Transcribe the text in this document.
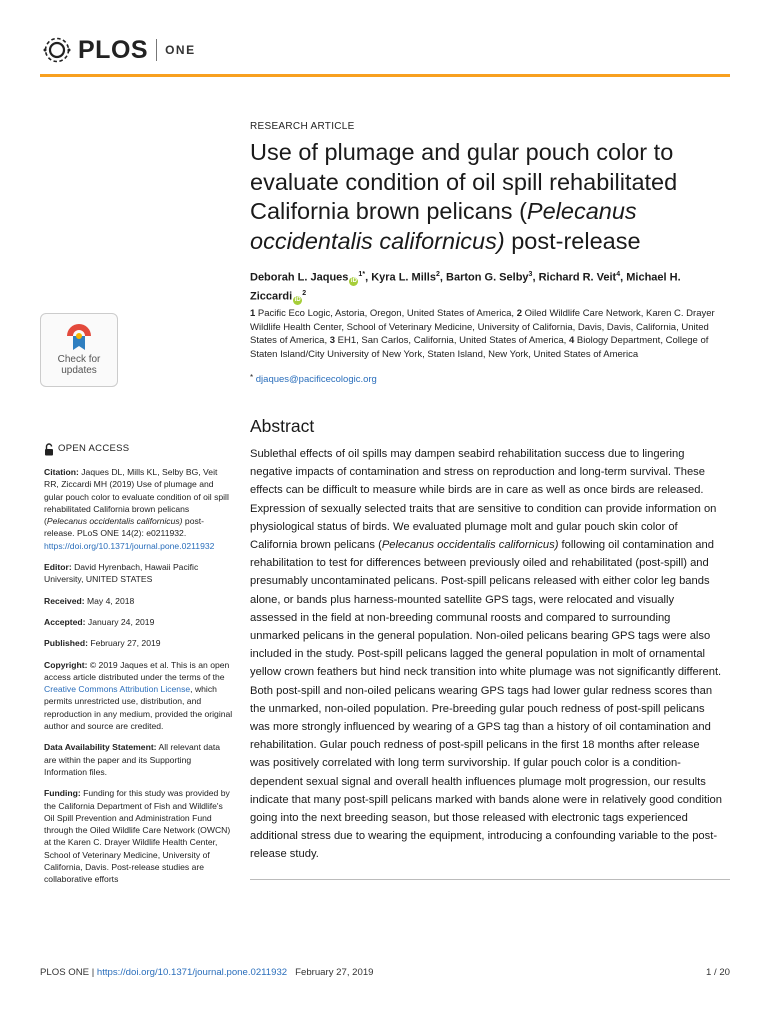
PLOS ONE
RESEARCH ARTICLE
Use of plumage and gular pouch color to evaluate condition of oil spill rehabilitated California brown pelicans (Pelecanus occidentalis californicus) post-release
Deborah L. Jaques $iD^{1*}$, Kyra L. Mills$^2$, Barton G. Selby$^3$, Richard R. Veit$^4$, Michael H. Ziccardi $iD^2$
1 Pacific Eco Logic, Astoria, Oregon, United States of America, 2 Oiled Wildlife Care Network, Karen C. Drayer Wildlife Health Center, School of Veterinary Medicine, University of California, Davis, Davis, California, United States of America, 3 EH1, San Carlos, California, United States of America, 4 Biology Department, College of Staten Island/City University of New York, Staten Island, New York, United States of America
* djaques@pacificecologic.org
Check for
updates
Abstract
Sublethal effects of oil spills may dampen seabird rehabilitation success due to lingering negative impacts of contamination and stress on reproduction and long-term survival. These effects can be difficult to measure while birds are in care as well as once birds are released. Expression of sexually selected traits that are sensitive to condition can provide information on physiological status of birds. We evaluated plumage molt and gular pouch skin color of California brown pelicans (Pelecanus occidentalis californicus) following oil contamination and rehabilitation to test for differences between previously oiled and rehabilitated (post-spill) and presumably uncontaminated pelicans. Post-spill pelicans released with either color leg bands alone, or bands plus harness-mounted satellite GPS tags, were relocated and visually assessed in the field at non-breeding communal roosts and compared to surrounding unmarked pelicans in the general population. Non-oiled pelicans bearing GPS tags were also included in the study. Post-spill pelicans lagged the general population in molt of ornamental yellow crown feathers but hind neck transition into white plumage was not significantly different. Both post-spill and non-oiled pelicans wearing GPS tags had lower gular redness scores than the unmarked, non-oiled population. Pre-breeding gular pouch redness of post-spill pelicans was more strongly influenced by wearing of a GPS tag than a history of oil contamination and rehabilitation. Gular pouch redness of post-spill pelicans in the first 18 months after release was positively correlated with long term survivorship. If gular pouch color is a condition-dependent sexual signal and overall health influences plumage molt progression, our results indicate that many post-spill pelicans marked with bands alone were in relatively good condition going into the next breeding season, but those released with electronic tags experienced additional stress due to wearing the equipment, introducing a confounding variable to the post-release study.
OPEN ACCESS
Citation: Jaques DL, Mills KL, Selby BG, Veit RR, Ziccardi MH (2019) Use of plumage and gular pouch color to evaluate condition of oil spill rehabilitated California brown pelicans (Pelecanus occidentalis californicus) post-release. PLoS ONE 14(2): e0211932. https://doi.org/10.1371/journal.pone.0211932
Editor: David Hyrenbach, Hawaii Pacific University, UNITED STATES
Received: May 4, 2018
Accepted: January 24, 2019
Published: February 27, 2019
Copyright: © 2019 Jaques et al. This is an open access article distributed under the terms of the Creative Commons Attribution License, which permits unrestricted use, distribution, and reproduction in any medium, provided the original author and source are credited.
Data Availability Statement: All relevant data are within the paper and its Supporting Information files.
Funding: Funding for this study was provided by the California Department of Fish and Wildlife's Oil Spill Prevention and Administration Fund through the Oiled Wildlife Care Network (OWCN) at the Karen C. Drayer Wildlife Health Center, School of Veterinary Medicine, University of California, Davis. Post-release studies are collaborative efforts
PLOS ONE | https://doi.org/10.1371/journal.pone.0211932   February 27, 2019	1 / 20
